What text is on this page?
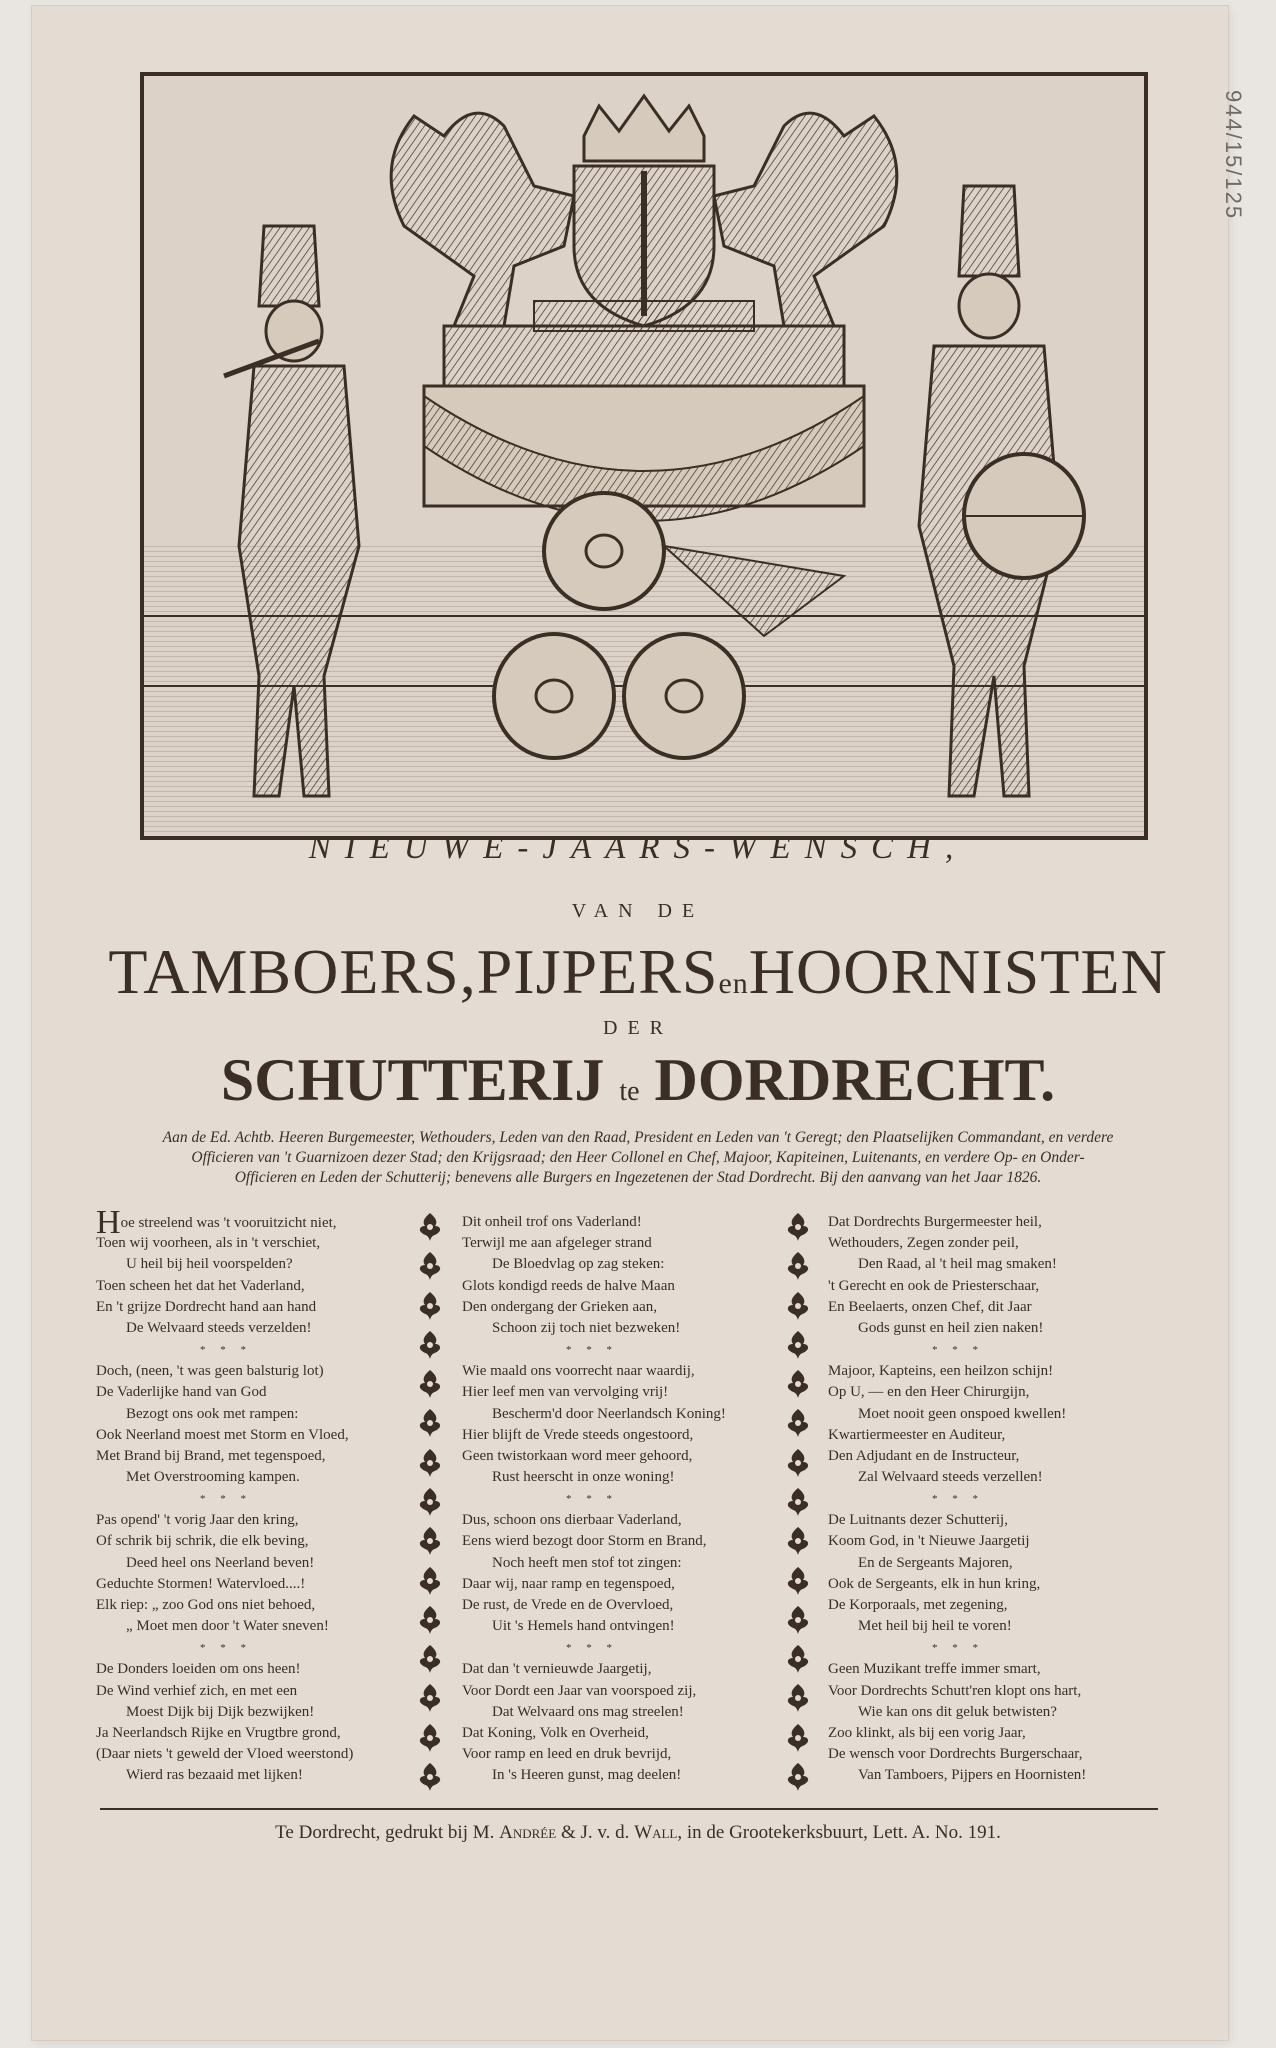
944/15/125
NIEUWE-JAARS-WENSCH,
VAN DE
TAMBOERS,PIJPERSenHOORNISTEN
DER
SCHUTTERIJ te DORDRECHT.
Aan de Ed. Achtb. Heeren Burgemeester, Wethouders, Leden van den Raad, President en Leden van 't Geregt; den Plaatselijken Commandant, en verdere
Officieren van 't Guarnizoen dezer Stad; den Krijgsraad; den Heer Collonel en Chef, Majoor, Kapiteinen, Luitenants, en verdere Op- en Onder-
Officieren en Leden der Schutterij; benevens alle Burgers en Ingezetenen der Stad Dordrecht. Bij den aanvang van het Jaar 1826.
Hoe streelend was 't vooruitzicht niet,
Toen wij voorheen, als in 't verschiet,
U heil bij heil voorspelden?
Toen scheen het dat het Vaderland,
En 't grijze Dordrecht hand aan hand
De Welvaard steeds verzelden!
* * *
Doch, (neen, 't was geen balsturig lot)
De Vaderlijke hand van God
Bezogt ons ook met rampen:
Ook Neerland moest met Storm en Vloed,
Met Brand bij Brand, met tegenspoed,
Met Overstrooming kampen.
* * *
Pas opend' 't vorig Jaar den kring,
Of schrik bij schrik, die elk beving,
Deed heel ons Neerland beven!
Geduchte Stormen! Watervloed....!
Elk riep: „ zoo God ons niet behoed,
„ Moet men door 't Water sneven!
* * *
De Donders loeiden om ons heen!
De Wind verhief zich, en met een
Moest Dijk bij Dijk bezwijken!
Ja Neerlandsch Rijke en Vrugtbre grond,
(Daar niets 't geweld der Vloed weerstond)
Wierd ras bezaaid met lijken!
Dit onheil trof ons Vaderland!
Terwijl me aan afgeleger strand
De Bloedvlag op zag steken:
Glots kondigd reeds de halve Maan
Den ondergang der Grieken aan,
Schoon zij toch niet bezweken!
* * *
Wie maald ons voorrecht naar waardij,
Hier leef men van vervolging vrij!
Bescherm'd door Neerlandsch Koning!
Hier blijft de Vrede steeds ongestoord,
Geen twistorkaan word meer gehoord,
Rust heerscht in onze woning!
* * *
Dus, schoon ons dierbaar Vaderland,
Eens wierd bezogt door Storm en Brand,
Noch heeft men stof tot zingen:
Daar wij, naar ramp en tegenspoed,
De rust, de Vrede en de Overvloed,
Uit 's Hemels hand ontvingen!
* * *
Dat dan 't vernieuwde Jaargetij,
Voor Dordt een Jaar van voorspoed zij,
Dat Welvaard ons mag streelen!
Dat Koning, Volk en Overheid,
Voor ramp en leed en druk bevrijd,
In 's Heeren gunst, mag deelen!
Dat Dordrechts Burgermeester heil,
Wethouders, Zegen zonder peil,
Den Raad, al 't heil mag smaken!
't Gerecht en ook de Priesterschaar,
En Beelaerts, onzen Chef, dit Jaar
Gods gunst en heil zien naken!
* * *
Majoor, Kapteins, een heilzon schijn!
Op U, — en den Heer Chirurgijn,
Moet nooit geen onspoed kwellen!
Kwartiermeester en Auditeur,
Den Adjudant en de Instructeur,
Zal Welvaard steeds verzellen!
* * *
De Luitnants dezer Schutterij,
Koom God, in 't Nieuwe Jaargetij
En de Sergeants Majoren,
Ook de Sergeants, elk in hun kring,
De Korporaals, met zegening,
Met heil bij heil te voren!
* * *
Geen Muzikant treffe immer smart,
Voor Dordrechts Schutt'ren klopt ons hart,
Wie kan ons dit geluk betwisten?
Zoo klinkt, als bij een vorig Jaar,
De wensch voor Dordrechts Burgerschaar,
Van Tamboers, Pijpers en Hoornisten!
Te Dordrecht, gedrukt bij M. Andrée & J. v. d. Wall, in de Grootekerksbuurt, Lett. A. No. 191.
